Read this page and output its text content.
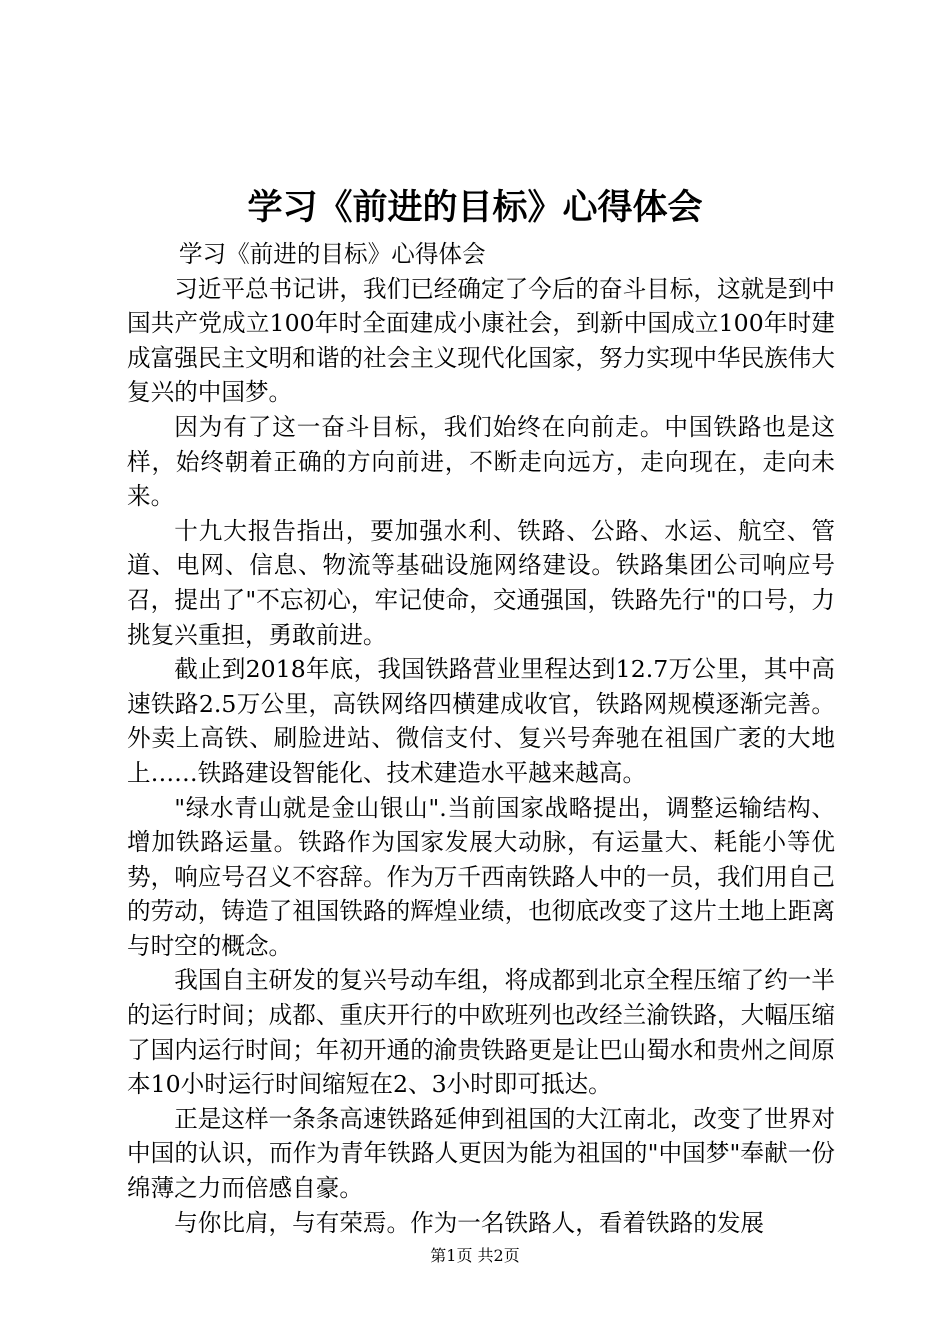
学习《前进的目标》心得体会

学习《前进的目标》心得体会

习近平总书记讲，我们已经确定了今后的奋斗目标，这就是到中国共产党成立100年时全面建成小康社会，到新中国成立100年时建成富强民主文明和谐的社会主义现代化国家，努力实现中华民族伟大复兴的中国梦。

因为有了这一奋斗目标，我们始终在向前走。中国铁路也是这样，始终朝着正确的方向前进，不断走向远方，走向现在，走向未来。

十九大报告指出，要加强水利、铁路、公路、水运、航空、管道、电网、信息、物流等基础设施网络建设。铁路集团公司响应号召，提出了"不忘初心，牢记使命，交通强国，铁路先行"的口号，力挑复兴重担，勇敢前进。

截止到2018年底，我国铁路营业里程达到12.7万公里，其中高速铁路2.5万公里，高铁网络四横建成收官，铁路网规模逐渐完善。外卖上高铁、刷脸进站、微信支付、复兴号奔驰在祖国广袤的大地上……铁路建设智能化、技术建造水平越来越高。

"绿水青山就是金山银山".当前国家战略提出，调整运输结构、增加铁路运量。铁路作为国家发展大动脉，有运量大、耗能小等优势，响应号召义不容辞。作为万千西南铁路人中的一员，我们用自己的劳动，铸造了祖国铁路的辉煌业绩，也彻底改变了这片土地上距离与时空的概念。

我国自主研发的复兴号动车组，将成都到北京全程压缩了约一半的运行时间；成都、重庆开行的中欧班列也改经兰渝铁路，大幅压缩了国内运行时间；年初开通的渝贵铁路更是让巴山蜀水和贵州之间原本10小时运行时间缩短在2、3小时即可抵达。

正是这样一条条高速铁路延伸到祖国的大江南北，改变了世界对中国的认识，而作为青年铁路人更因为能为祖国的"中国梦"奉献一份绵薄之力而倍感自豪。

与你比肩，与有荣焉。作为一名铁路人，看着铁路的发展

第1页 共2页
